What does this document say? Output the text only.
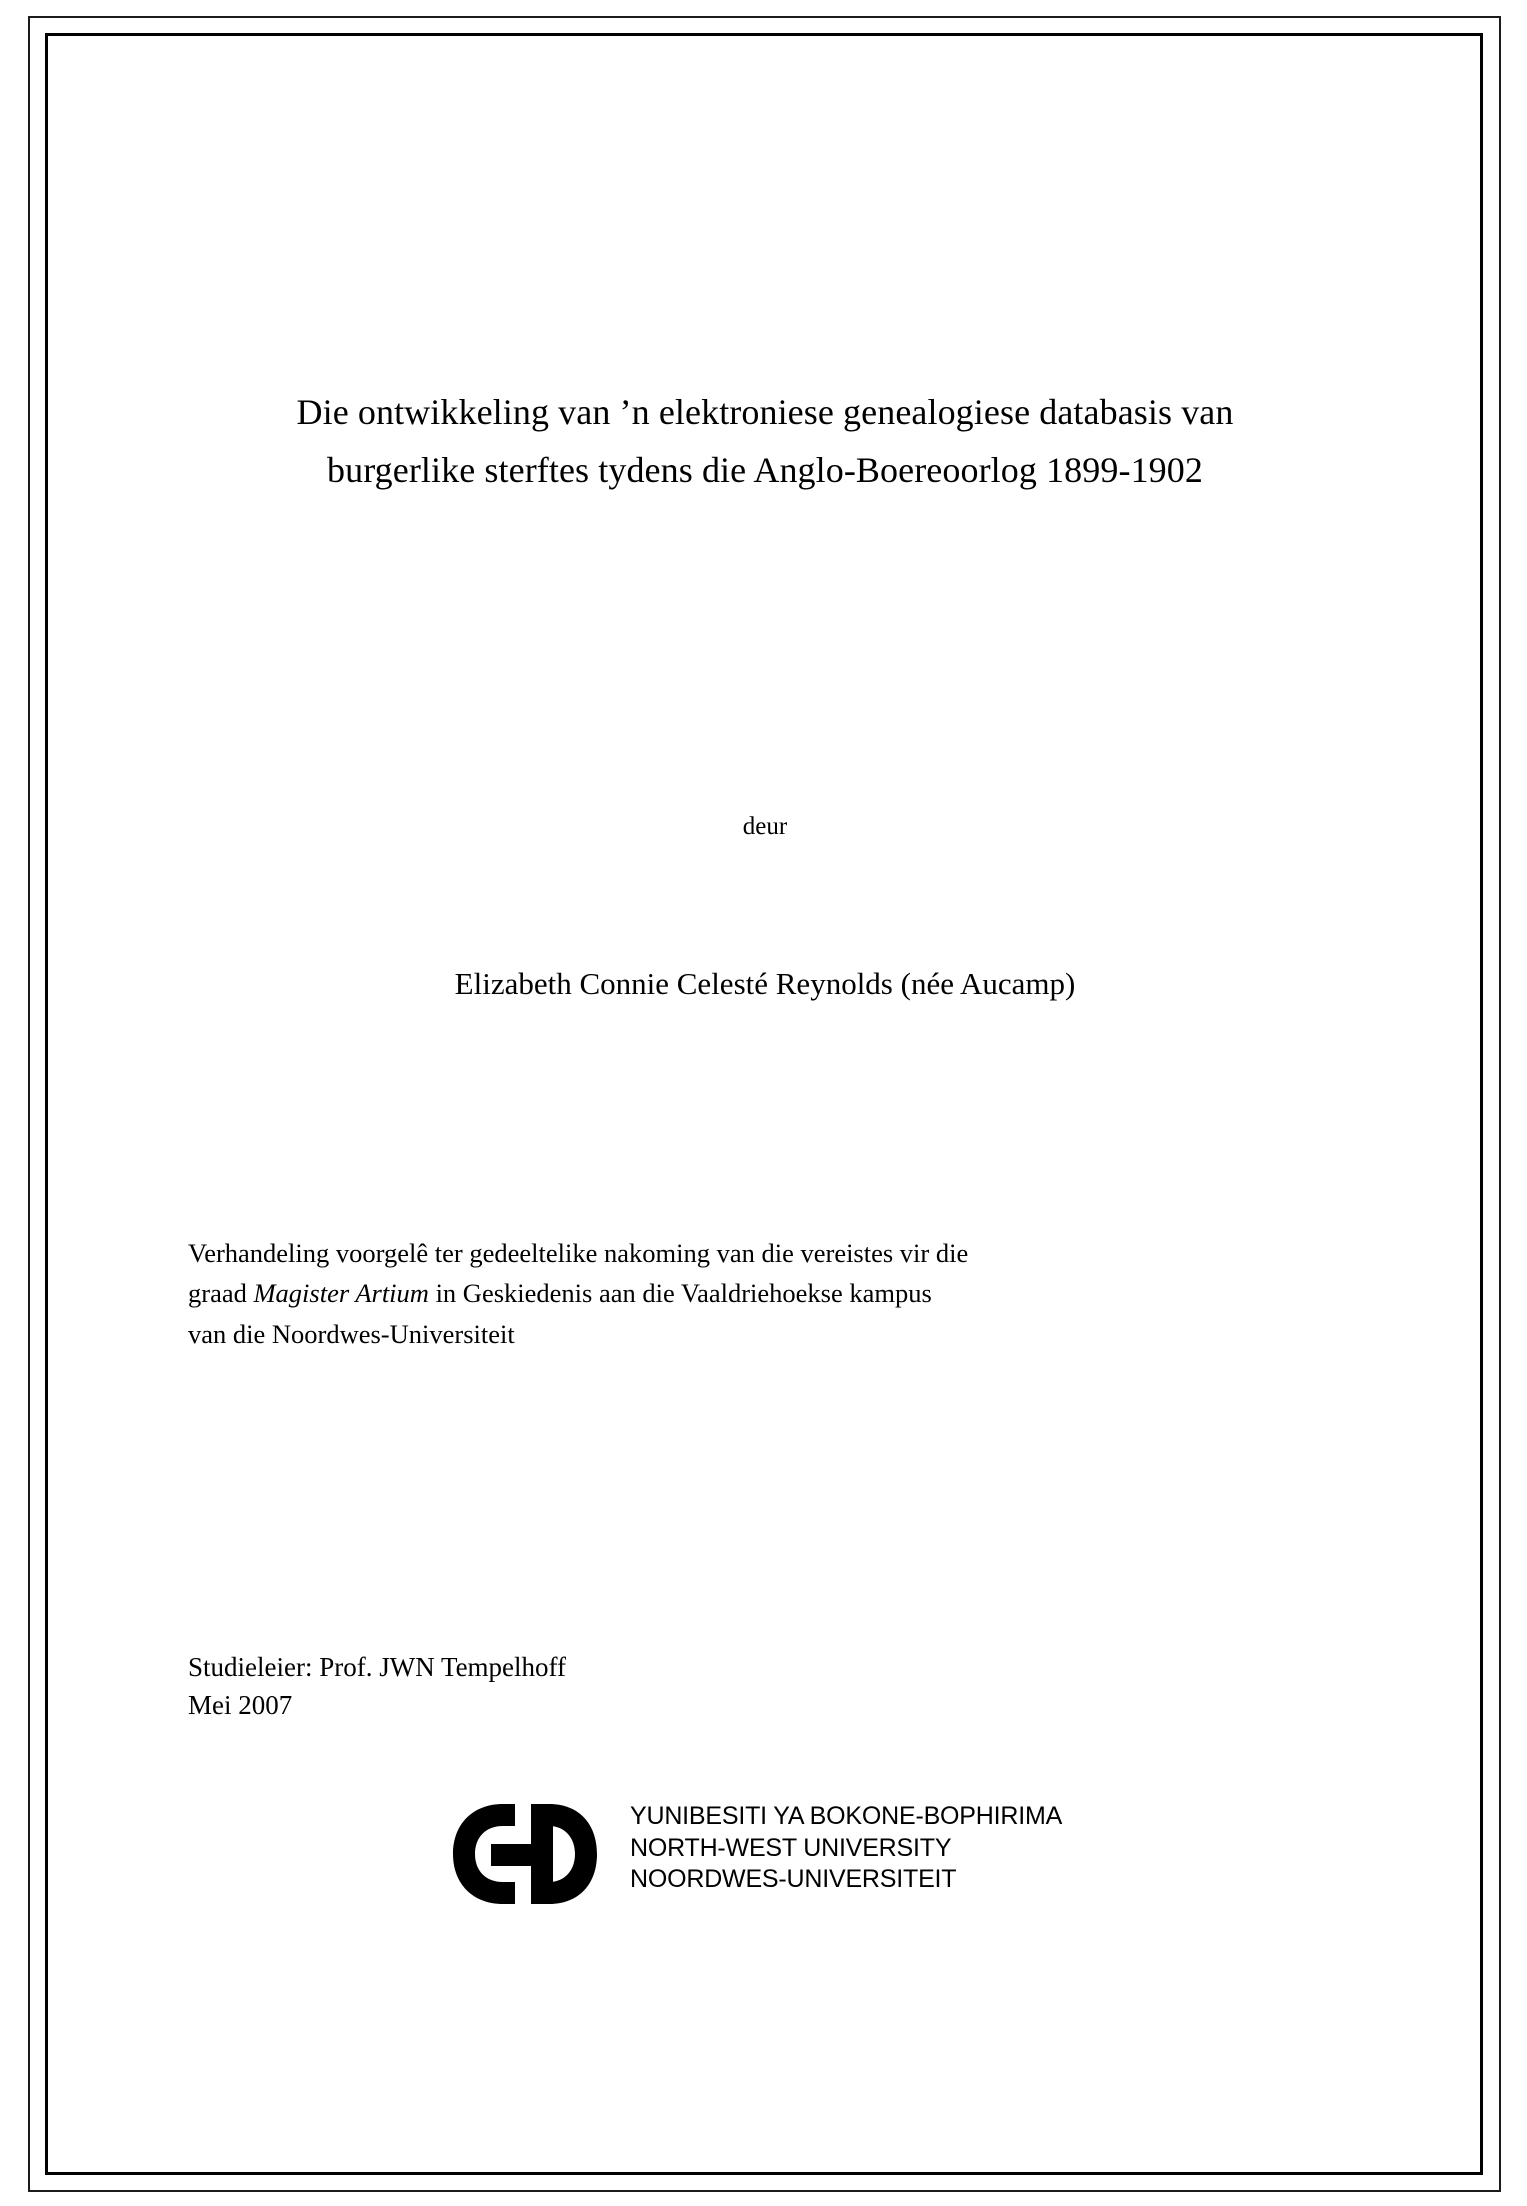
Die ontwikkeling van ’n elektroniese genealogiese databasis van
burgerlike sterftes tydens die Anglo-Boereoorlog 1899-1902
deur
Elizabeth Connie Celesté Reynolds (née Aucamp)

Verhandeling voorgelê ter gedeeltelike nakoming van die vereistes vir die

graad Magister Artium in Geskiedenis aan die Vaaldriehoekse kampus

van die Noordwes-Universiteit

Studieleier: Prof. JWN Tempelhoff
Mei 2007
YUNIBESITI YA BOKONE-BOPHIRIMA
NORTH-WEST UNIVERSITY
NOORDWES-UNIVERSITEIT
